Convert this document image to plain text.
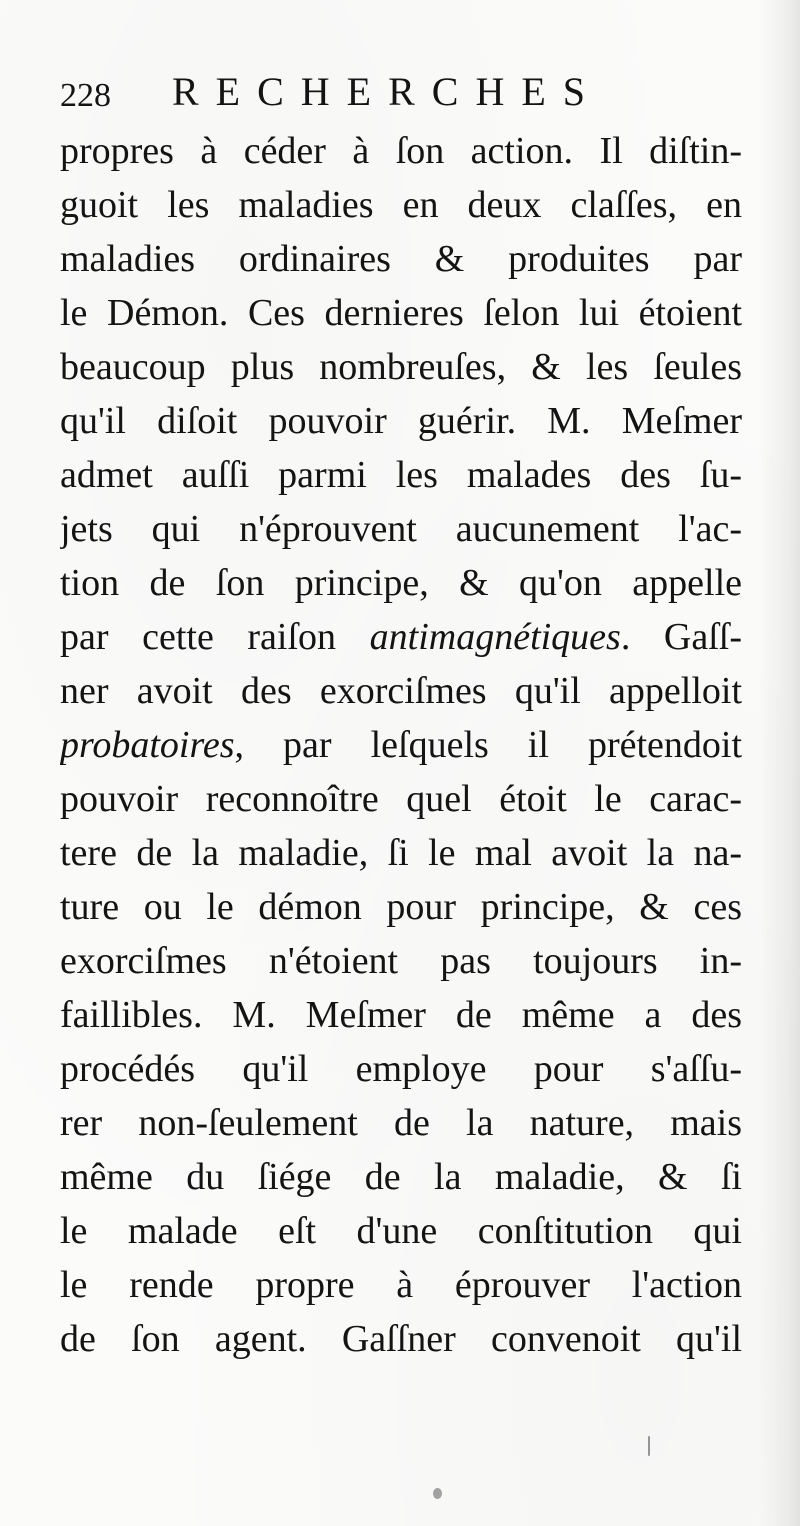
228 RECHERCHES
propres à céder à ſon action. Il diſtin-
guoit les maladies en deux claſſes, en
maladies ordinaires & produites par
le Démon. Ces dernieres ſelon lui étoient
beaucoup plus nombreuſes, & les ſeules
qu'il diſoit pouvoir guérir. M. Meſmer
admet auſſi parmi les malades des ſu-
jets qui n'éprouvent aucunement l'ac-
tion de ſon principe, & qu'on appelle
par cette raiſon antimagnétiques. Gaſſ-
ner avoit des exorciſmes qu'il appelloit
probatoires, par leſquels il prétendoit
pouvoir reconnoître quel étoit le carac-
tere de la maladie, ſi le mal avoit la na-
ture ou le démon pour principe, & ces
exorciſmes n'étoient pas toujours in-
faillibles. M. Meſmer de même a des
procédés qu'il employe pour s'aſſu-
rer non-ſeulement de la nature, mais
même du ſiége de la maladie, & ſi
le malade eſt d'une conſtitution qui
le rende propre à éprouver l'action
de ſon agent. Gaſſner convenoit qu'il
